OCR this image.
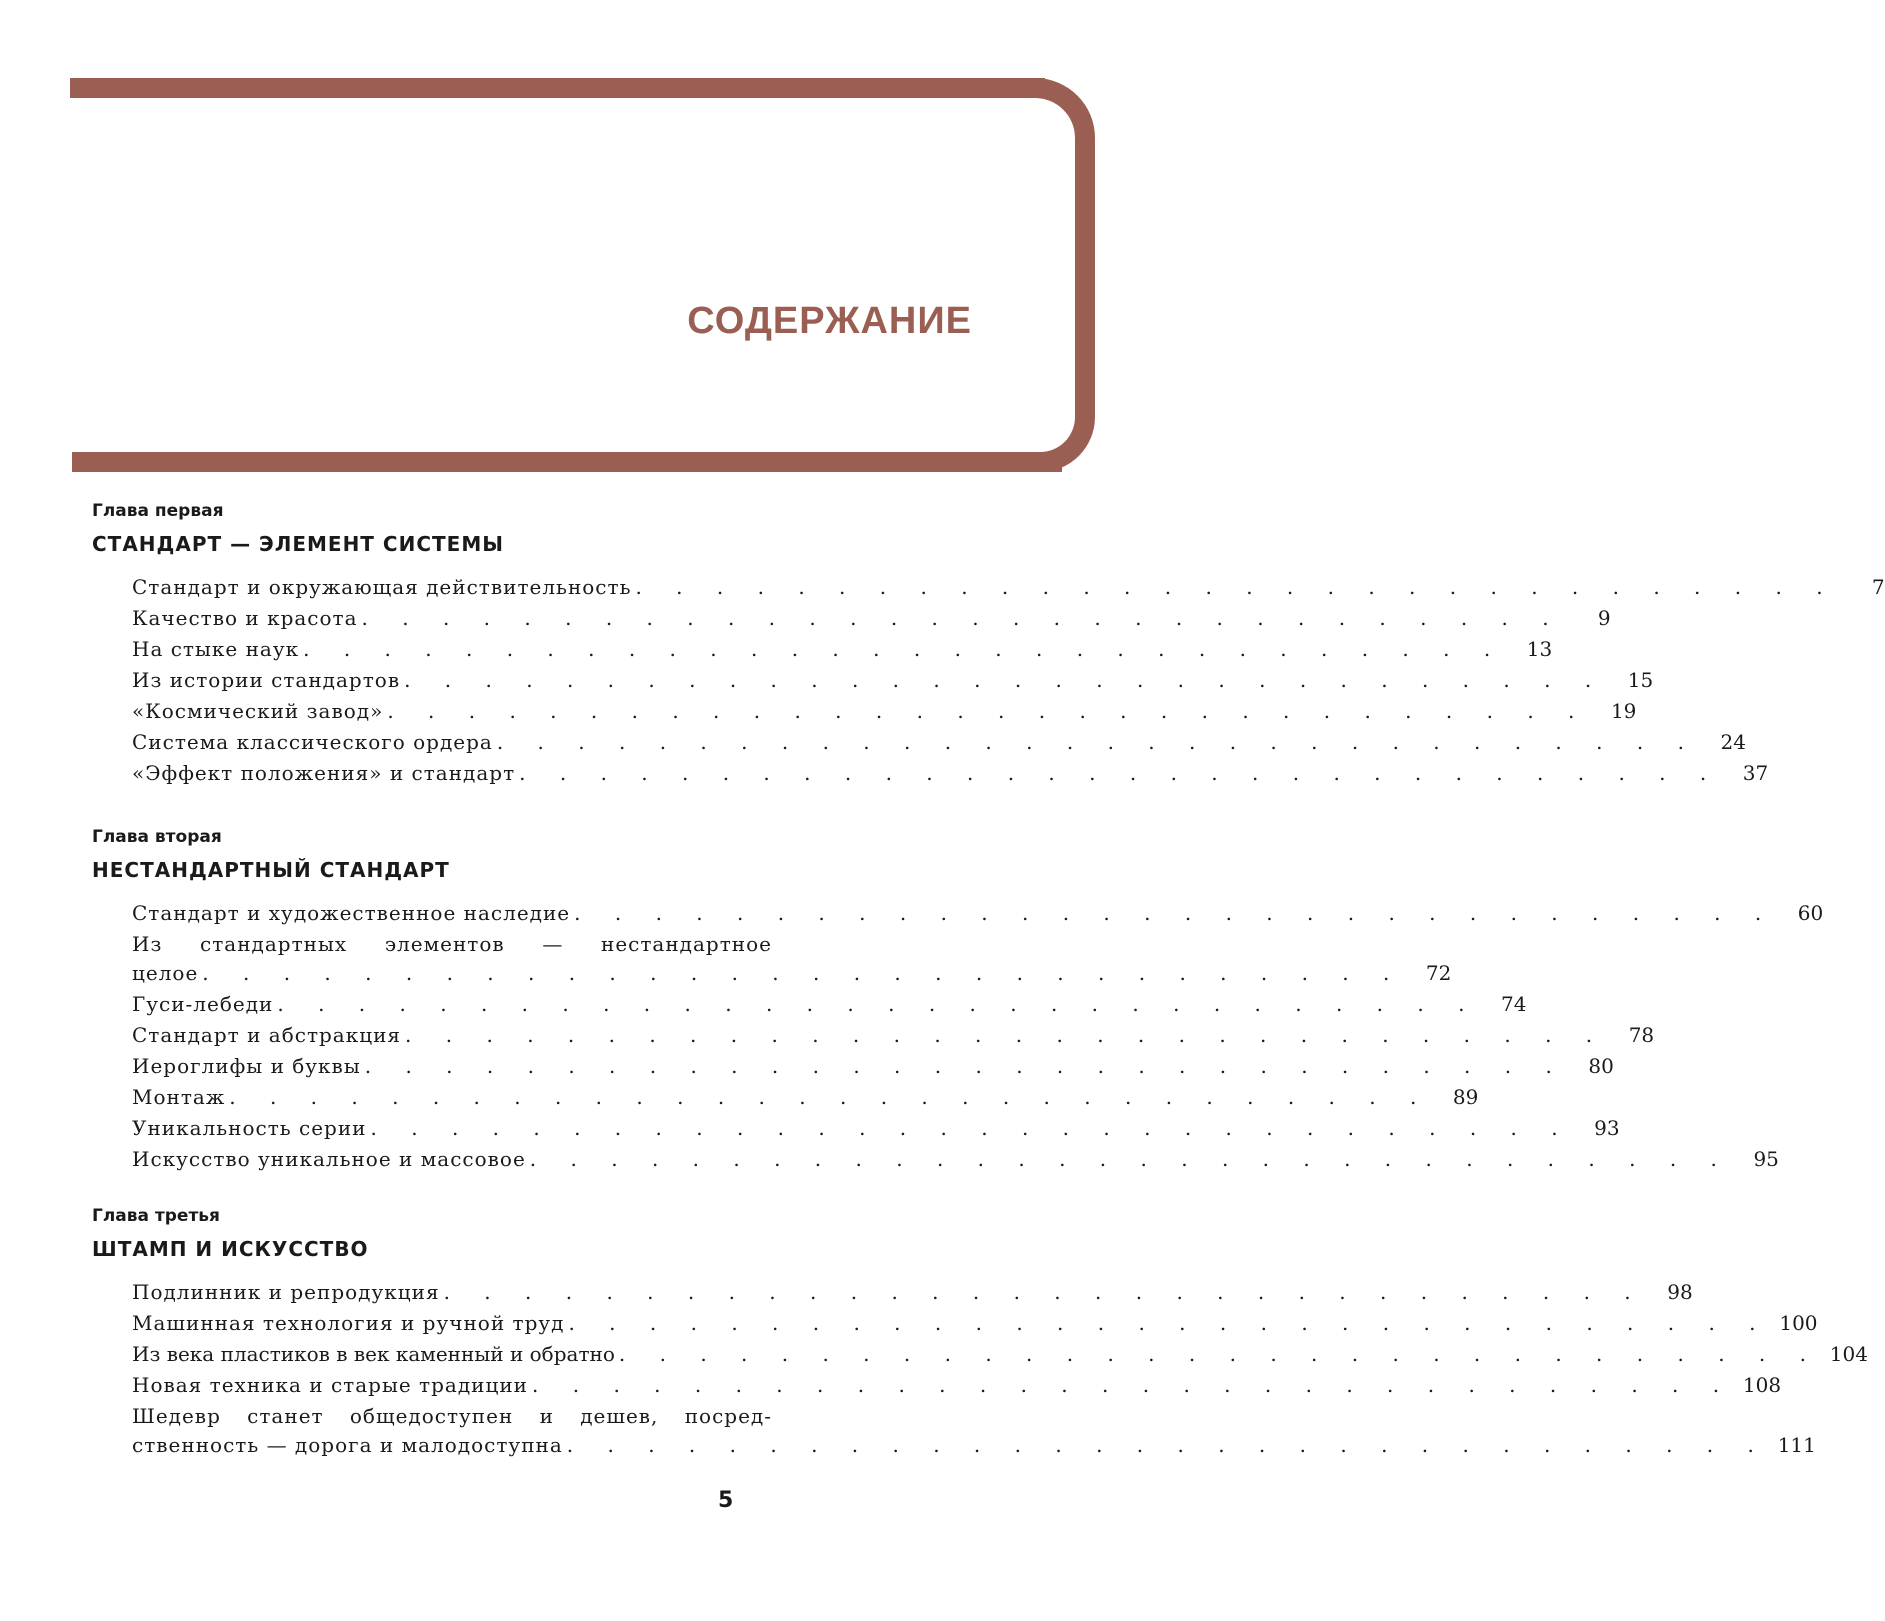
СОДЕРЖАНИЕ
Глава первая
СТАНДАРТ — ЭЛЕМЕНТ СИСТЕМЫ
Стандарт и окружающая действительность . . . . . . . . . . . . . . . . . . . . . . . . . . . . . .	7
Качество и красота . . . . . . . . . . . . . . . . . . . . . . . . . . . . . .	9
На стыке наук . . . . . . . . . . . . . . . . . . . . . . . . . . . . . .	13
Из истории стандартов . . . . . . . . . . . . . . . . . . . . . . . . . . . . . .	15
«Космический завод» . . . . . . . . . . . . . . . . . . . . . . . . . . . . . .	19
Система классического ордера . . . . . . . . . . . . . . . . . . . . . . . . . . . . . .	24
«Эффект положения» и стандарт . . . . . . . . . . . . . . . . . . . . . . . . . . . . . .	37
Глава вторая
НЕСТАНДАРТНЫЙ СТАНДАРТ
Стандарт и художественное наследие . . . . . . . . . . . . . . . . . . . . . . . . . . . . . .	60
Из стандартных элементов — нестандартное
целое . . . . . . . . . . . . . . . . . . . . . . . . . . . . . .	72
Гуси-лебеди . . . . . . . . . . . . . . . . . . . . . . . . . . . . . .	74
Стандарт и абстракция . . . . . . . . . . . . . . . . . . . . . . . . . . . . . .	78
Иероглифы и буквы . . . . . . . . . . . . . . . . . . . . . . . . . . . . . .	80
Монтаж . . . . . . . . . . . . . . . . . . . . . . . . . . . . . .	89
Уникальность серии . . . . . . . . . . . . . . . . . . . . . . . . . . . . . .	93
Искусство уникальное и массовое . . . . . . . . . . . . . . . . . . . . . . . . . . . . . .	95
Глава третья
ШТАМП И ИСКУССТВО
Подлинник и репродукция . . . . . . . . . . . . . . . . . . . . . . . . . . . . . .	98
Машинная технология и ручной труд . . . . . . . . . . . . . . . . . . . . . . . . . . . . . . 100
Из века пластиков в век каменный и обратно . . . . . . . . . . . . . . . . . . . . . . . . . . . . . . 104
Новая техника и старые традиции . . . . . . . . . . . . . . . . . . . . . . . . . . . . . . 108
Шедевр станет общедоступен и дешев, посред-
ственность — дорога и малодоступна . . . . . . . . . . . . . . . . . . . . . . . . . . . . . . 111
5
